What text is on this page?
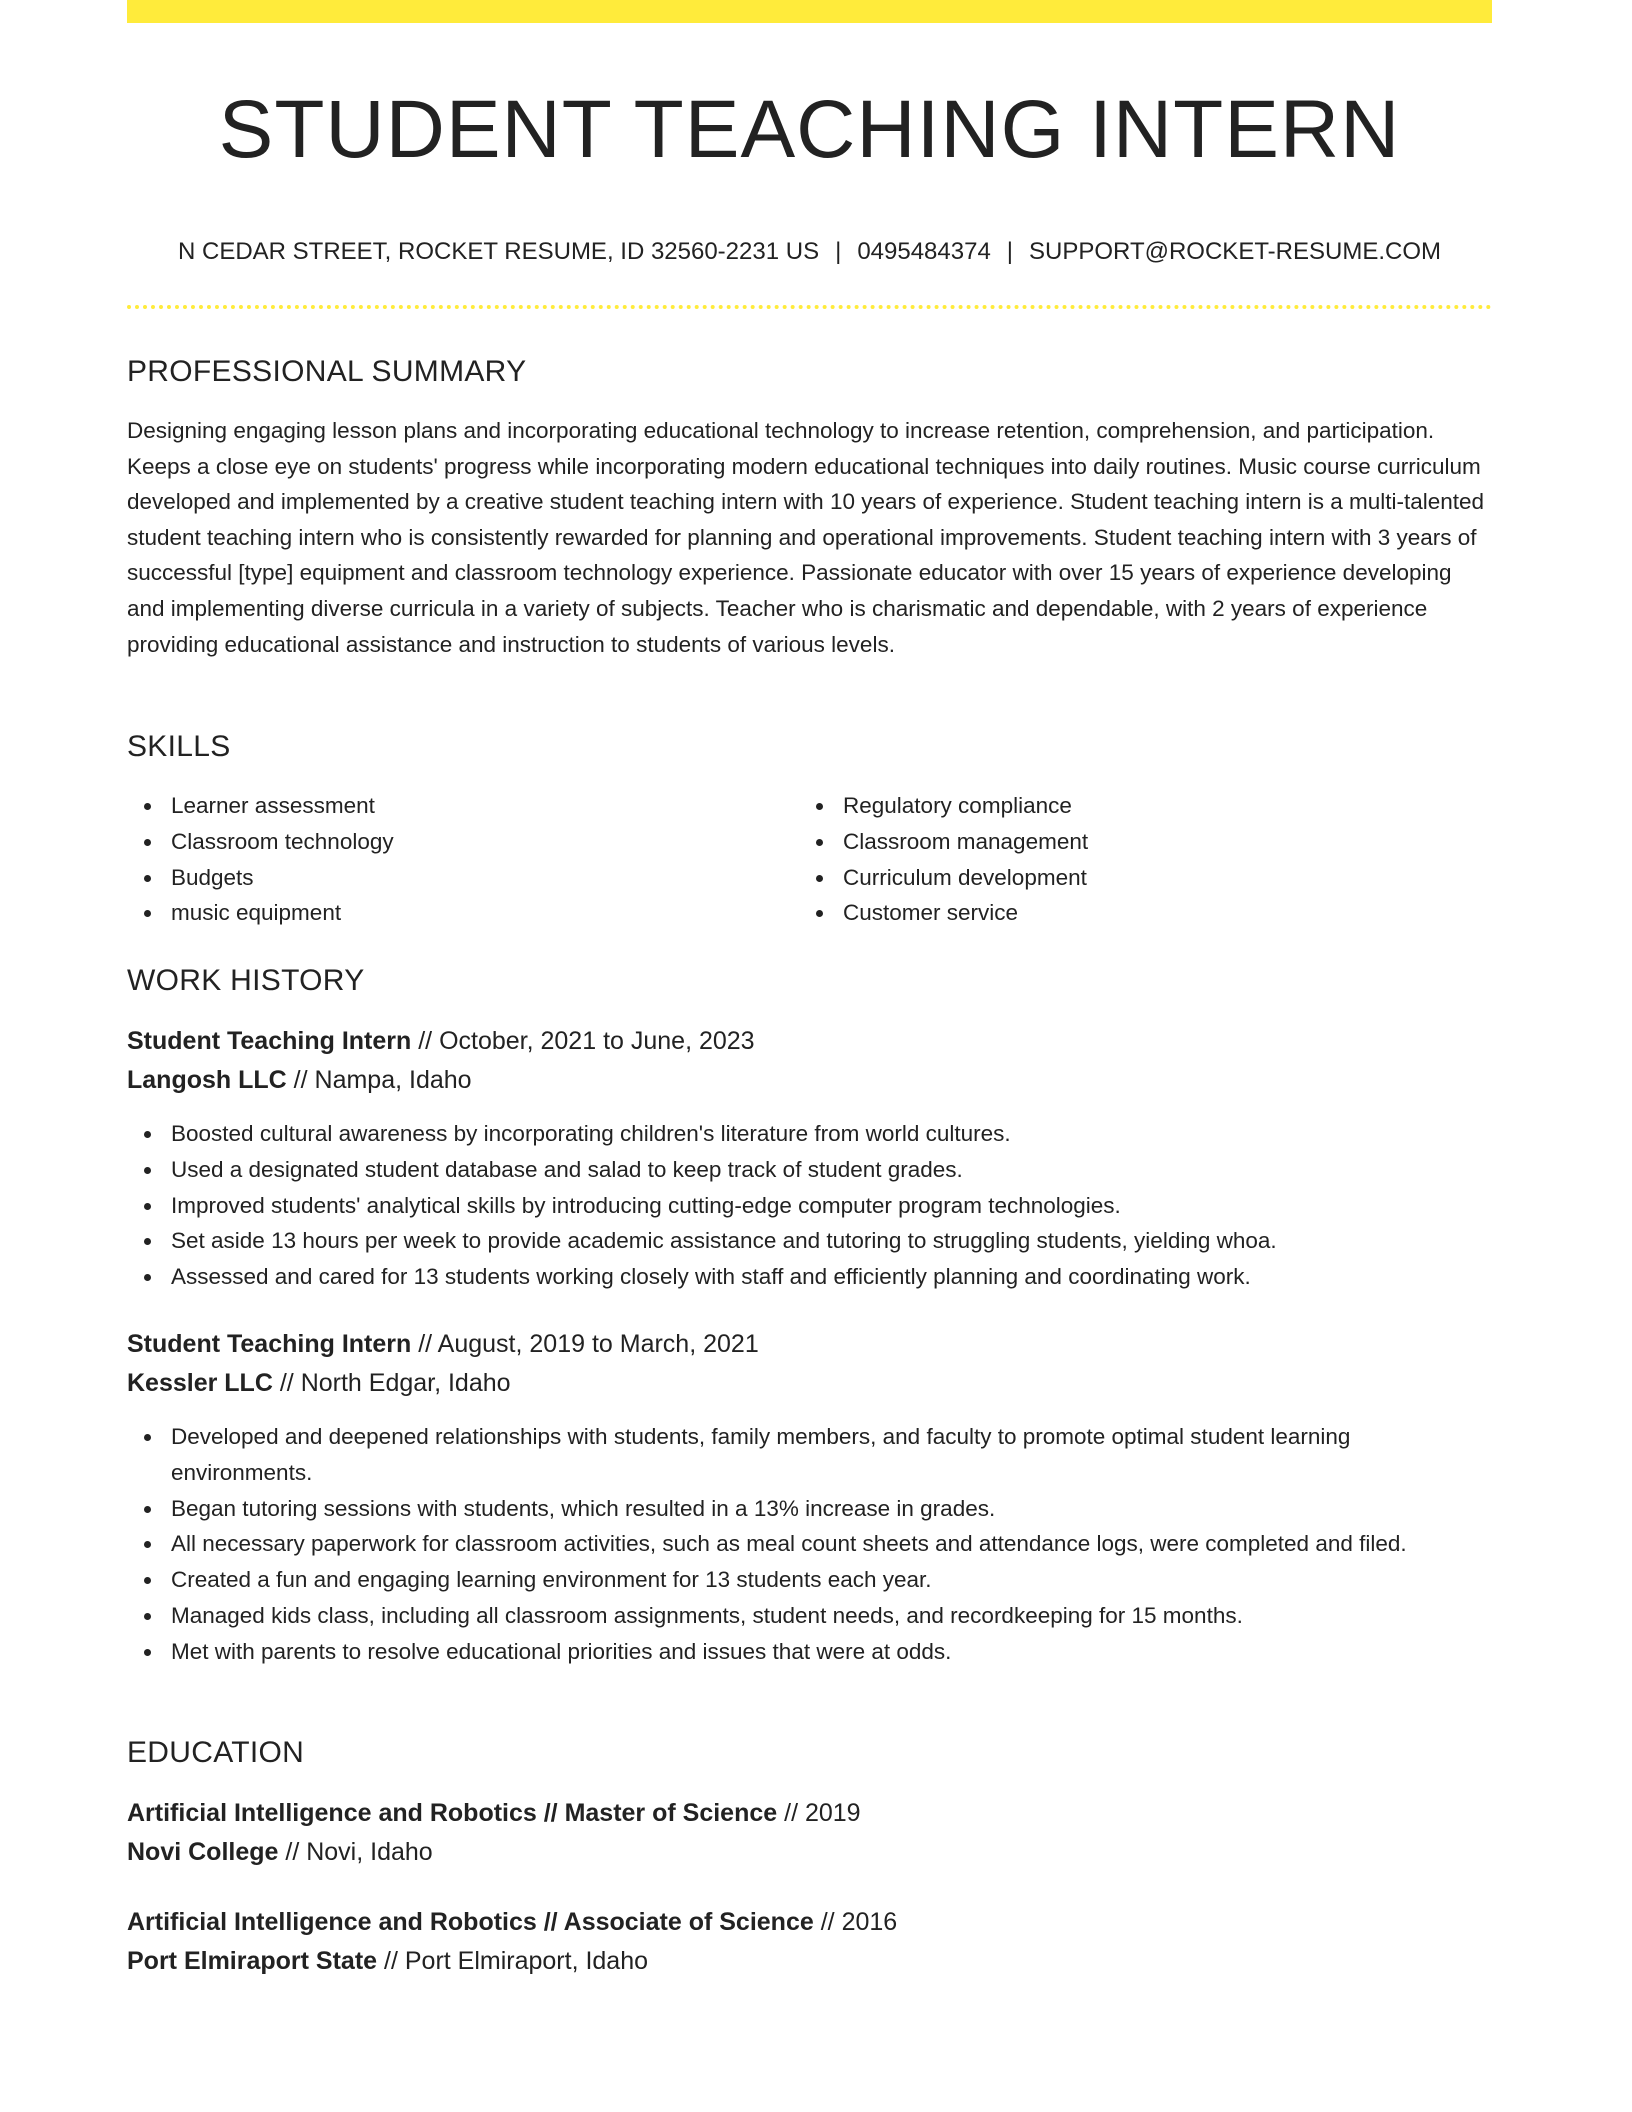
STUDENT TEACHING INTERN
N CEDAR STREET, ROCKET RESUME, ID 32560-2231 US | 0495484374 | SUPPORT@ROCKET-RESUME.COM
PROFESSIONAL SUMMARY
Designing engaging lesson plans and incorporating educational technology to increase retention, comprehension, and participation. Keeps a close eye on students' progress while incorporating modern educational techniques into daily routines. Music course curriculum developed and implemented by a creative student teaching intern with 10 years of experience. Student teaching intern is a multi-talented student teaching intern who is consistently rewarded for planning and operational improvements. Student teaching intern with 3 years of successful [type] equipment and classroom technology experience. Passionate educator with over 15 years of experience developing and implementing diverse curricula in a variety of subjects. Teacher who is charismatic and dependable, with 2 years of experience providing educational assistance and instruction to students of various levels.
SKILLS
Learner assessment
Classroom technology
Budgets
music equipment
Regulatory compliance
Classroom management
Curriculum development
Customer service
WORK HISTORY
Student Teaching Intern // October, 2021 to June, 2023
Langosh LLC // Nampa, Idaho
Boosted cultural awareness by incorporating children's literature from world cultures.
Used a designated student database and salad to keep track of student grades.
Improved students' analytical skills by introducing cutting-edge computer program technologies.
Set aside 13 hours per week to provide academic assistance and tutoring to struggling students, yielding whoa.
Assessed and cared for 13 students working closely with staff and efficiently planning and coordinating work.
Student Teaching Intern // August, 2019 to March, 2021
Kessler LLC // North Edgar, Idaho
Developed and deepened relationships with students, family members, and faculty to promote optimal student learning environments.
Began tutoring sessions with students, which resulted in a 13% increase in grades.
All necessary paperwork for classroom activities, such as meal count sheets and attendance logs, were completed and filed.
Created a fun and engaging learning environment for 13 students each year.
Managed kids class, including all classroom assignments, student needs, and recordkeeping for 15 months.
Met with parents to resolve educational priorities and issues that were at odds.
EDUCATION
Artificial Intelligence and Robotics // Master of Science // 2019
Novi College // Novi, Idaho
Artificial Intelligence and Robotics // Associate of Science // 2016
Port Elmiraport State // Port Elmiraport, Idaho
